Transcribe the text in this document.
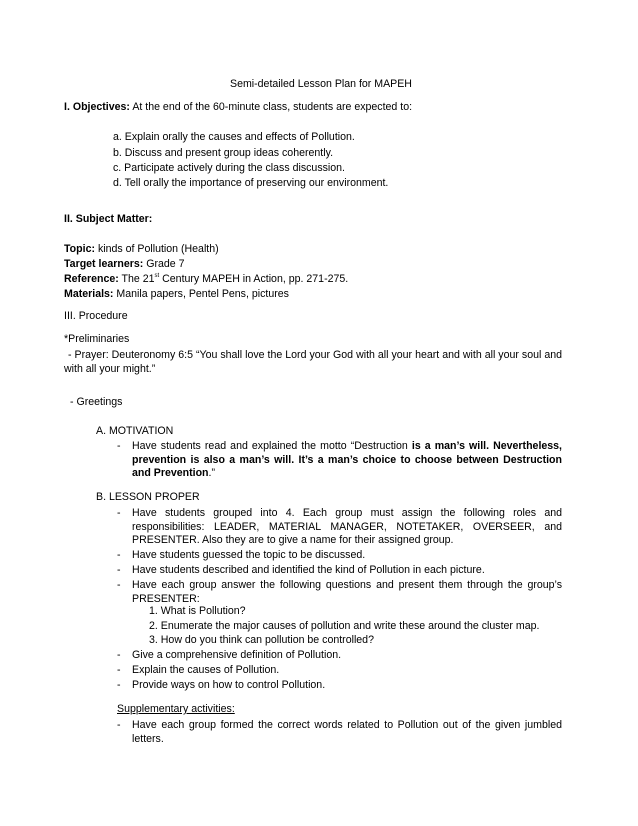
Semi-detailed Lesson Plan for MAPEH
I. Objectives: At the end of the 60-minute class, students are expected to:
a. Explain orally the causes and effects of Pollution.
b. Discuss and present group ideas coherently.
c. Participate actively during the class discussion.
d. Tell orally the importance of preserving our environment.
II. Subject Matter:
Topic: kinds of Pollution (Health)
Target learners: Grade 7
Reference: The 21st Century MAPEH in Action, pp. 271-275.
Materials: Manila papers, Pentel Pens, pictures
III. Procedure
*Preliminaries
- Prayer: Deuteronomy 6:5 “You shall love the Lord your God with all your heart and with all your soul and with all your might.”
- Greetings
A. MOTIVATION
- Have students read and explained the motto “Destruction is a man’s will. Nevertheless, prevention is also a man’s will. It’s a man’s choice to choose between Destruction and Prevention.”
B. LESSON PROPER
- Have students grouped into 4. Each group must assign the following roles and responsibilities: LEADER, MATERIAL MANAGER, NOTETAKER, OVERSEER, and PRESENTER. Also they are to give a name for their assigned group.
- Have students guessed the topic to be discussed.
- Have students described and identified the kind of Pollution in each picture.
- Have each group answer the following questions and present them through the group’s PRESENTER:
1. What is Pollution?
2. Enumerate the major causes of pollution and write these around the cluster map.
3. How do you think can pollution be controlled?
- Give a comprehensive definition of Pollution.
- Explain the causes of Pollution.
- Provide ways on how to control Pollution.
Supplementary activities:
- Have each group formed the correct words related to Pollution out of the given jumbled letters.
